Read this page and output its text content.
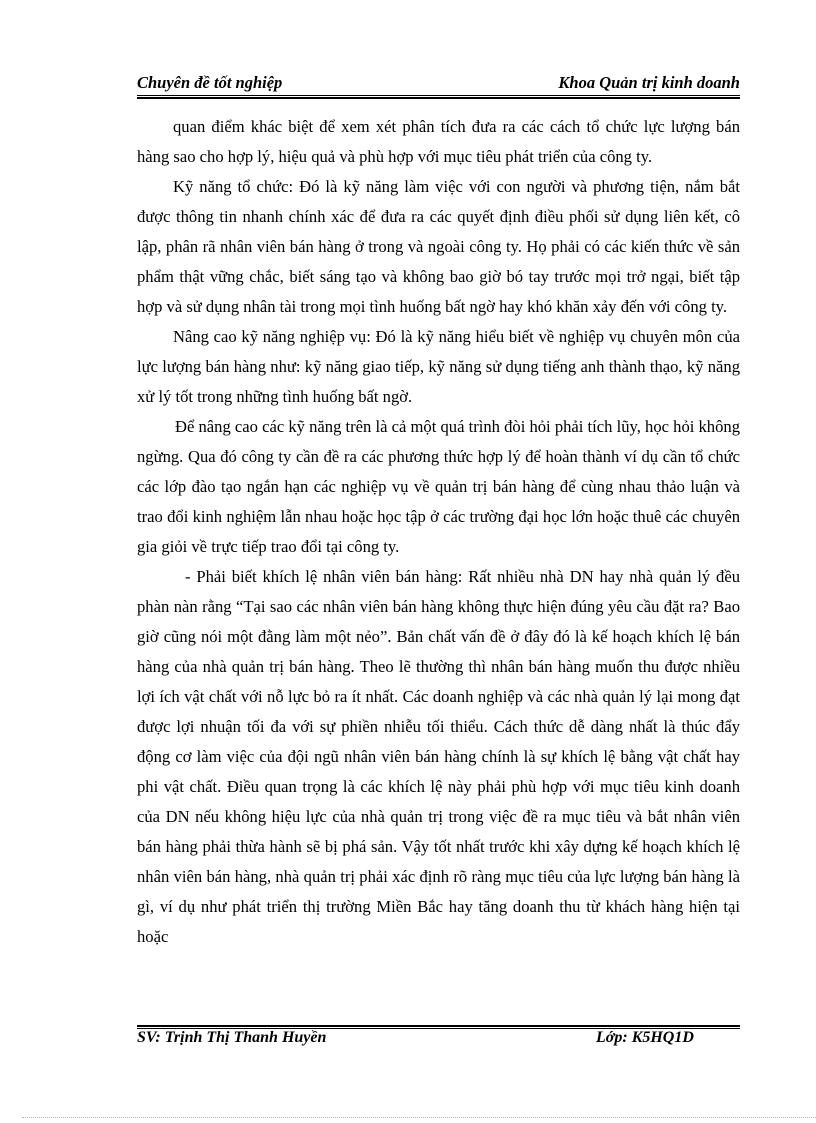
Chuyên đề tốt nghiệp	Khoa Quản trị kinh doanh

quan điểm khác biệt để xem xét phân tích đưa ra các cách tổ chức lực lượng bán hàng sao cho hợp lý, hiệu quả và phù hợp với mục tiêu phát triển của công ty.

Kỹ năng tổ chức: Đó là kỹ năng làm việc với con người và phương tiện, nắm bắt được thông tin nhanh chính xác để đưa ra các quyết định điều phối sử dụng liên kết, cô lập, phân rã nhân viên bán hàng ở trong và ngoài công ty. Họ phải có các kiến thức về sản phẩm thật vững chắc, biết sáng tạo và không bao giờ bó tay trước mọi trở ngại, biết tập hợp và sử dụng nhân tài trong mọi tình huống bất ngờ hay khó khăn xảy đến với công ty.

Nâng cao kỹ năng nghiệp vụ: Đó là kỹ năng hiểu biết về nghiệp vụ chuyên môn của lực lượng bán hàng như: kỹ năng giao tiếp, kỹ năng sử dụng tiếng anh thành thạo, kỹ năng xử lý tốt trong những tình huống bất ngờ.

Để nâng cao các kỹ năng trên là cả một quá trình đòi hỏi phải tích lũy, học hỏi không ngừng. Qua đó công ty cần đề ra các phương thức hợp lý để hoàn thành ví dụ cần tổ chức các lớp đào tạo ngắn hạn các nghiệp vụ về quản trị bán hàng để cùng nhau thảo luận và trao đổi kinh nghiệm lẫn nhau hoặc học tập ở các trường đại học lớn hoặc thuê các chuyên gia giỏi về trực tiếp trao đổi tại công ty.

- Phải biết khích lệ nhân viên bán hàng: Rất nhiều nhà DN hay nhà quản lý đều phàn nàn rằng “Tại sao các nhân viên bán hàng không thực hiện đúng yêu cầu đặt ra? Bao giờ cũng nói một đằng làm một nẻo”. Bản chất vấn đề ở đây đó là kế hoạch khích lệ bán hàng của nhà quản trị bán hàng. Theo lẽ thường thì nhân bán hàng muốn thu được nhiều lợi ích vật chất với nỗ lực bỏ ra ít nhất. Các doanh nghiệp và các nhà quản lý lại mong đạt được lợi nhuận tối đa với sự phiền nhiễu tối thiểu. Cách thức dễ dàng nhất là thúc đẩy động cơ làm việc của đội ngũ nhân viên bán hàng chính là sự khích lệ bằng vật chất hay phi vật chất. Điều quan trọng là các khích lệ này phải phù hợp với mục tiêu kinh doanh của DN nếu không hiệu lực của nhà quản trị trong việc đề ra mục tiêu và bắt nhân viên bán hàng phải thừa hành sẽ bị phá sản. Vậy tốt nhất trước khi xây dựng kế hoạch khích lệ nhân viên bán hàng, nhà quản trị phải xác định rõ ràng mục tiêu của lực lượng bán hàng là gì, ví dụ như phát triển thị trường Miền Bắc hay tăng doanh thu từ khách hàng hiện tại hoặc

SV: Trịnh Thị Thanh Huyền	Lớp: K5HQ1D
